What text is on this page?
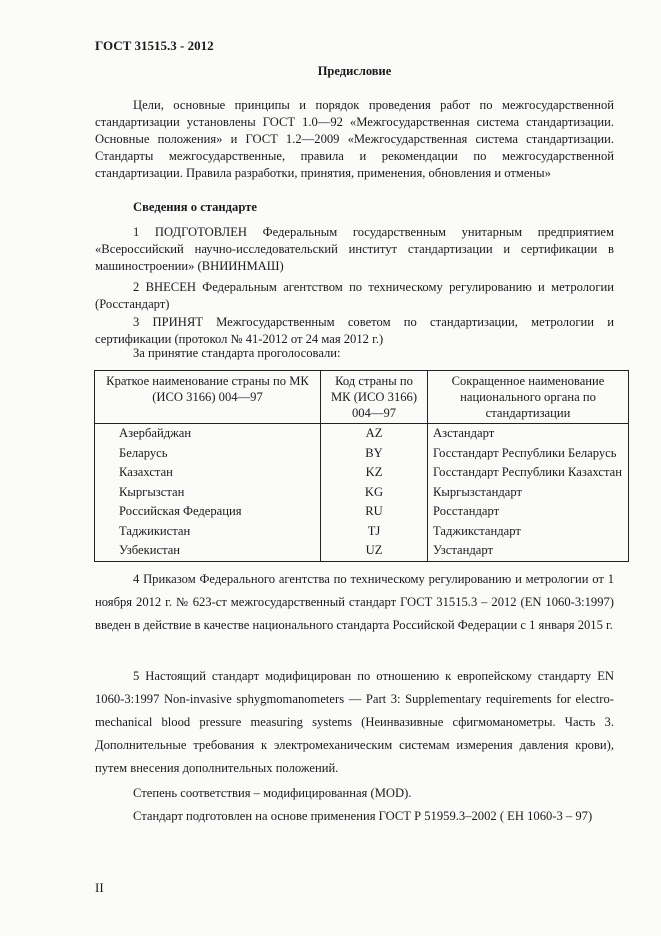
ГОСТ 31515.3 - 2012
Предисловие

Цели, основные принципы и порядок проведения работ по межгосударственной стандартизации установлены ГОСТ 1.0—92 «Межгосударственная система стандартизации. Основные положения» и ГОСТ 1.2—2009 «Межгосударственная система стандартизации. Стандарты межгосударственные, правила и рекомендации по межгосударственной стандартизации. Правила разработки, принятия, применения, обновления и отмены»

Сведения о стандарте

1 ПОДГОТОВЛЕН Федеральным государственным унитарным предприятием «Всероссийский научно-исследовательский институт стандартизации и сертификации в машиностроении» (ВНИИНМАШ)

2 ВНЕСЕН Федеральным агентством по техническому регулированию и метрологии (Росстандарт)

3 ПРИНЯТ Межгосударственным советом по стандартизации, метрологии и сертификации (протокол № 41-2012 от 24 мая 2012 г.)

За принятие стандарта проголосовали:

Краткое наименование страны по МК (ИСО 3166) 004—97	Код страны по МК (ИСО 3166) 004—97	Сокращенное наименование национального органа по стандартизации
Азербайджан	AZ	Азстандарт
Беларусь	BY	Госстандарт Республики Беларусь
Казахстан	KZ	Госстандарт Республики Казахстан
Кыргызстан	KG	Кыргызстандарт
Российская Федерация	RU	Росстандарт
Таджикистан	TJ	Таджикстандарт
Узбекистан	UZ	Узстандарт

4 Приказом Федерального агентства по техническому регулированию и метрологии от 1 ноября 2012 г. № 623-ст межгосударственный стандарт ГОСТ 31515.3 – 2012 (EN 1060-3:1997) введен в действие в качестве национального стандарта Российской Федерации с 1 января 2015 г.

5 Настоящий стандарт модифицирован по отношению к европейскому стандарту EN 1060-3:1997 Non-invasive sphygmomanometers — Part 3: Supplementary requirements for electro-mechanical blood pressure measuring systems (Неинвазивные сфигмоманометры. Часть 3. Дополнительные требования к электромеханическим системам измерения давления крови), путем внесения дополнительных положений.

Степень соответствия – модифицированная (MOD).

Стандарт подготовлен на основе применения ГОСТ Р 51959.3–2002 ( ЕН 1060-3 – 97)

II
